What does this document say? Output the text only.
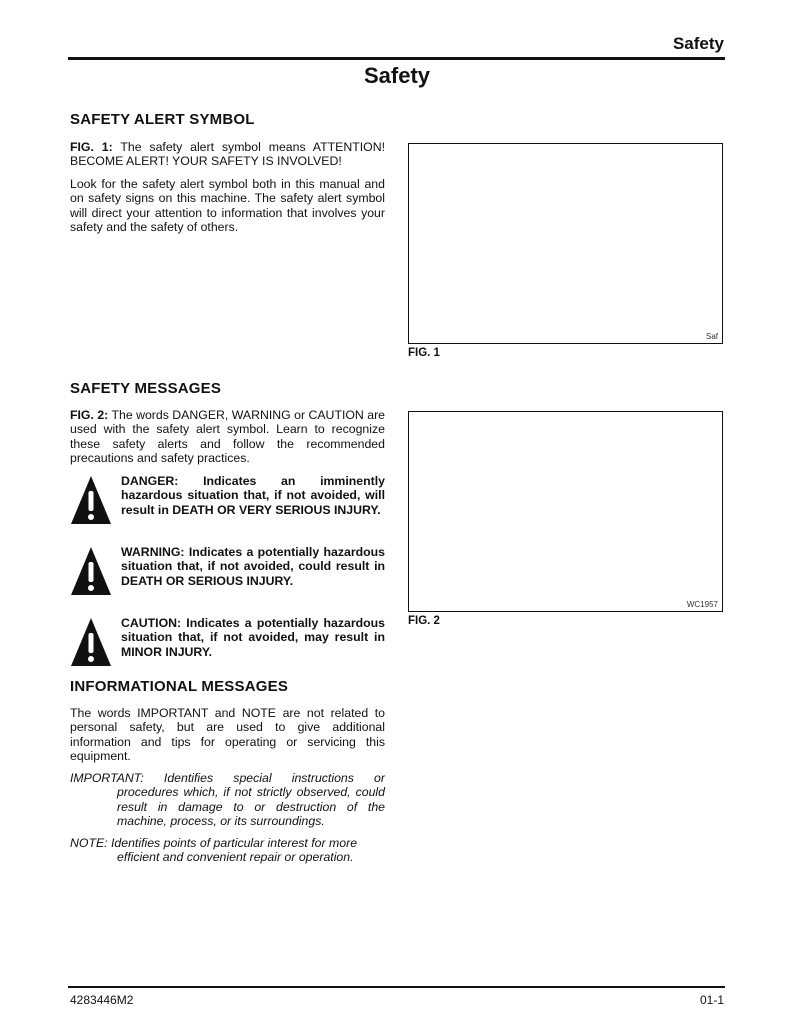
Safety
Safety
SAFETY ALERT SYMBOL
FIG. 1: The safety alert symbol means ATTENTION! BECOME ALERT! YOUR SAFETY IS INVOLVED!
Look for the safety alert symbol both in this manual and on safety signs on this machine. The safety alert symbol will direct your attention to information that involves your safety and the safety of others.
Saf
FIG. 1
SAFETY MESSAGES
FIG. 2: The words DANGER, WARNING or CAUTION are used with the safety alert symbol. Learn to recognize these safety alerts and follow the recommended precautions and safety practices.
DANGER: Indicates an imminently hazardous situation that, if not avoided, will result in DEATH OR VERY SERIOUS INJURY.
WARNING: Indicates a potentially hazardous situation that, if not avoided, could result in DEATH OR SERIOUS INJURY.
CAUTION: Indicates a potentially hazardous situation that, if not avoided, may result in MINOR INJURY.
WC1957
FIG. 2
INFORMATIONAL MESSAGES
The words IMPORTANT and NOTE are not related to personal safety, but are used to give additional information and tips for operating or servicing this equipment.
IMPORTANT: Identifies special instructions or
procedures which, if not strictly observed, could result in damage to or destruction of the machine, process, or its surroundings.
NOTE: Identifies points of particular interest for more
efficient and convenient repair or operation.
4283446M2	01-1
